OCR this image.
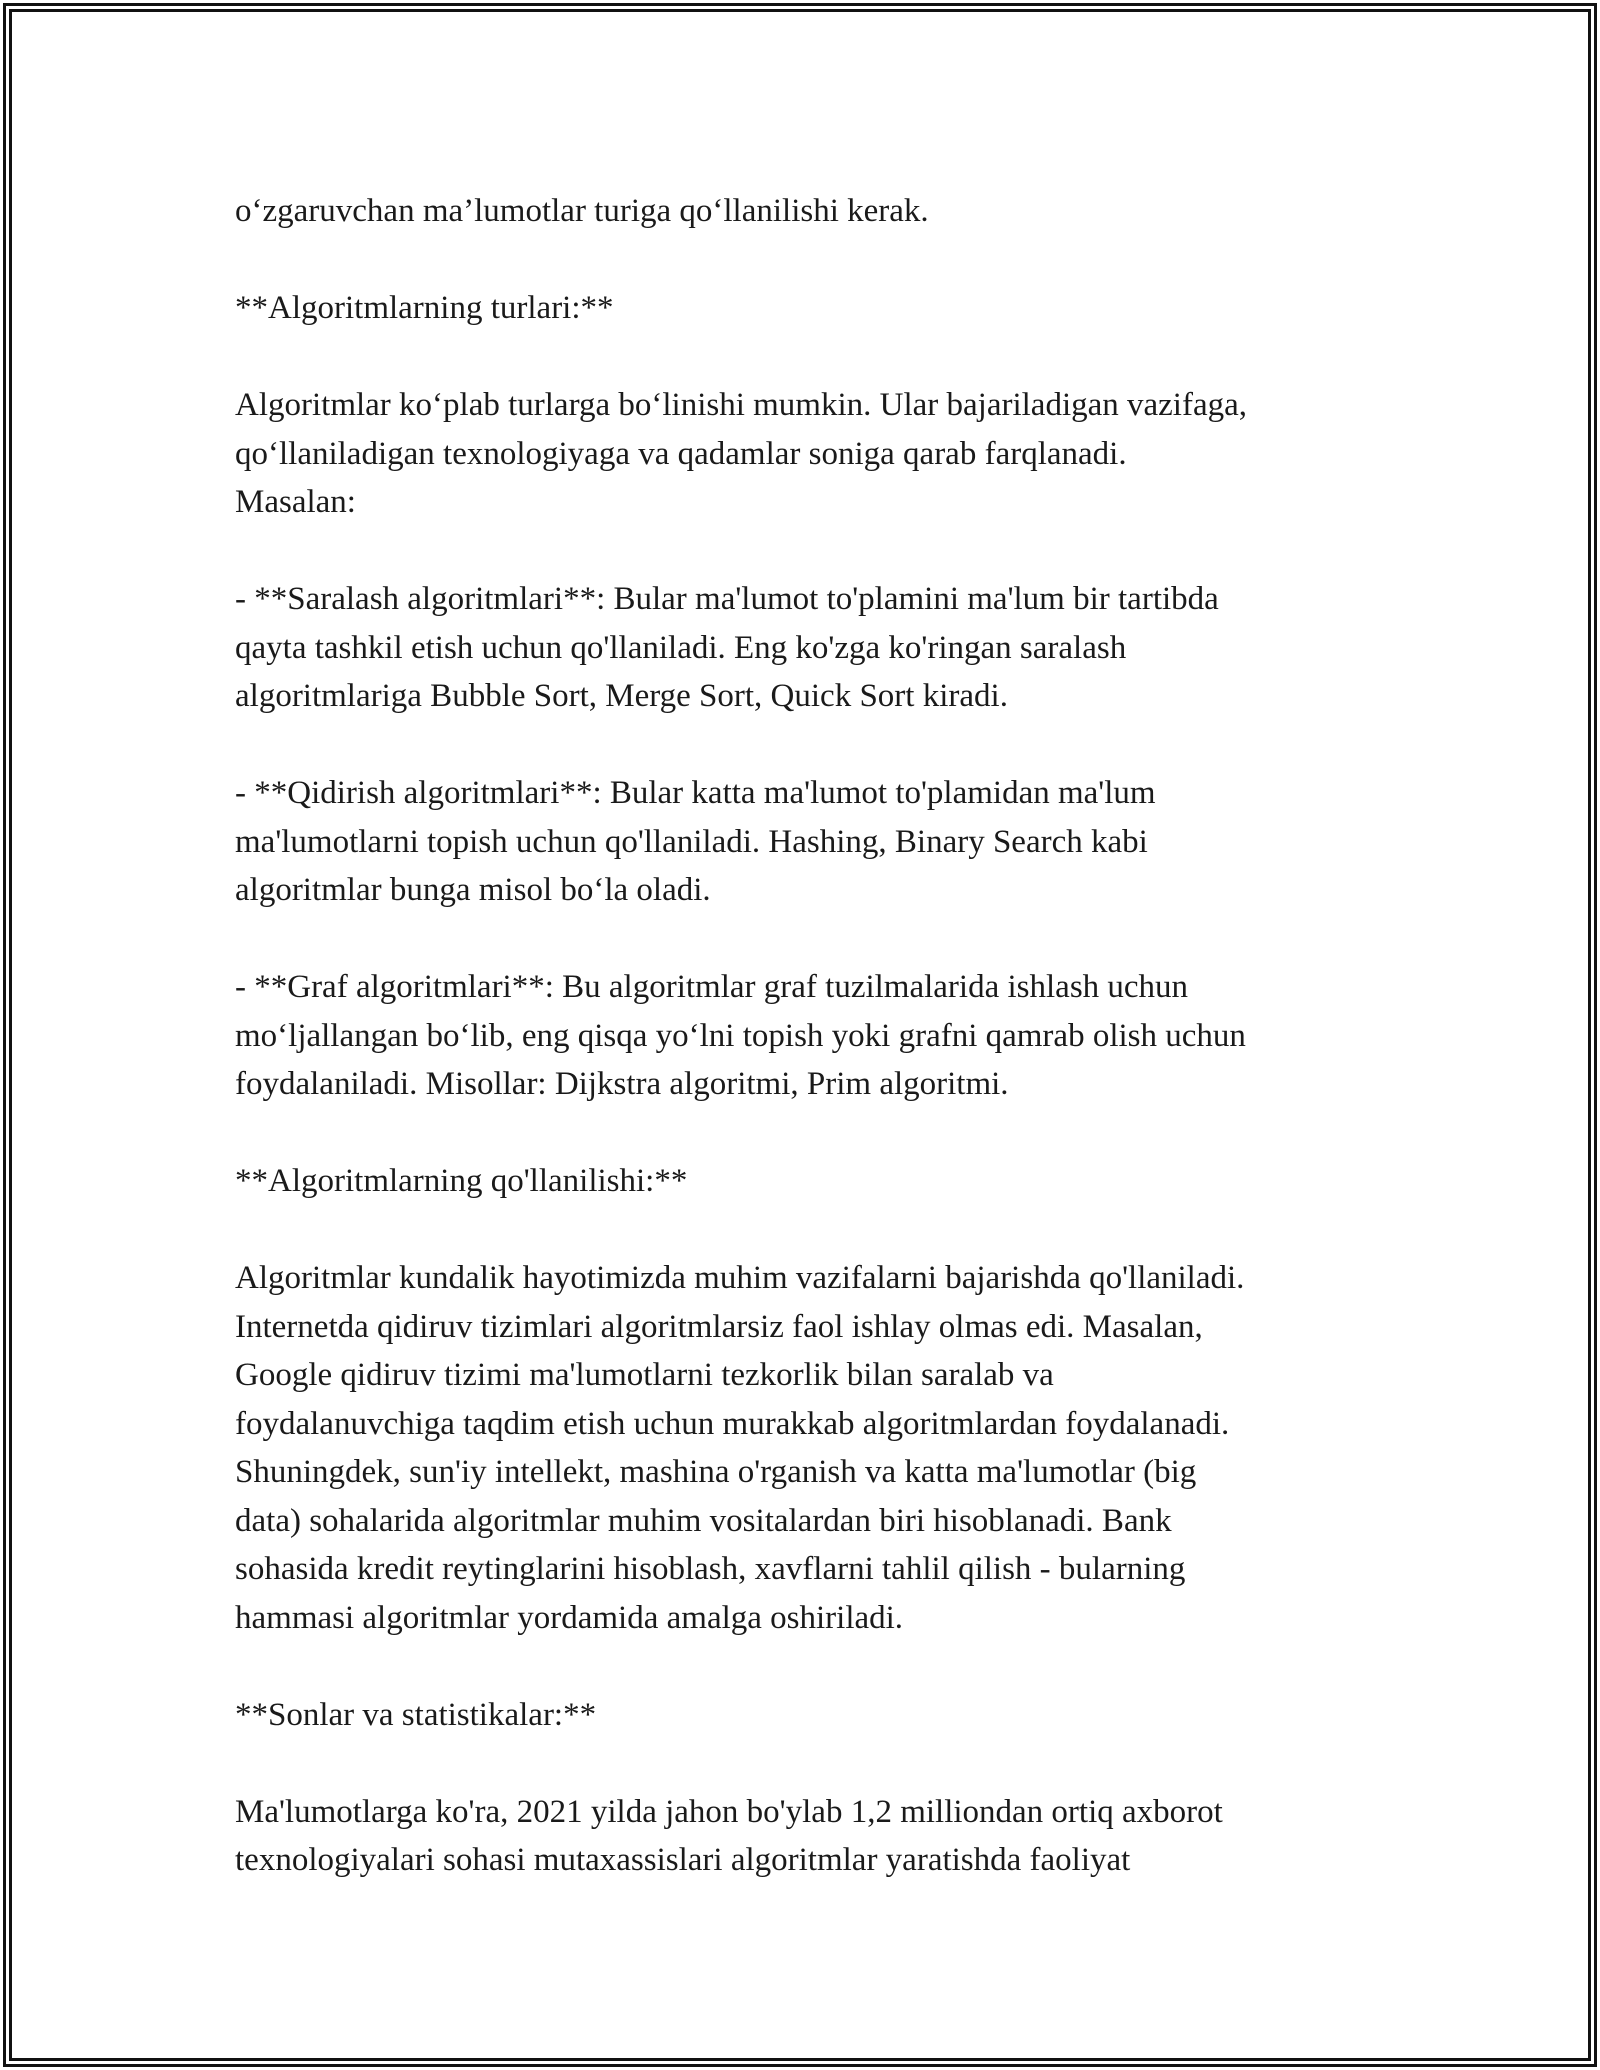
o‘zgaruvchan ma’lumotlar turiga qo‘llanilishi kerak.

**Algoritmlarning turlari:**

Algoritmlar ko‘plab turlarga bo‘linishi mumkin. Ular bajariladigan vazifaga,
qo‘llaniladigan texnologiyaga va qadamlar soniga qarab farqlanadi.
Masalan:

- **Saralash algoritmlari**: Bular ma'lumot to'plamini ma'lum bir tartibda
qayta tashkil etish uchun qo'llaniladi. Eng ko'zga ko'ringan saralash
algoritmlariga Bubble Sort, Merge Sort, Quick Sort kiradi.

- **Qidirish algoritmlari**: Bular katta ma'lumot to'plamidan ma'lum
ma'lumotlarni topish uchun qo'llaniladi. Hashing, Binary Search kabi
algoritmlar bunga misol bo‘la oladi.

- **Graf algoritmlari**: Bu algoritmlar graf tuzilmalarida ishlash uchun
mo‘ljallangan bo‘lib, eng qisqa yo‘lni topish yoki grafni qamrab olish uchun
foydalaniladi. Misollar: Dijkstra algoritmi, Prim algoritmi.

**Algoritmlarning qo'llanilishi:**

Algoritmlar kundalik hayotimizda muhim vazifalarni bajarishda qo'llaniladi.
Internetda qidiruv tizimlari algoritmlarsiz faol ishlay olmas edi. Masalan,
Google qidiruv tizimi ma'lumotlarni tezkorlik bilan saralab va
foydalanuvchiga taqdim etish uchun murakkab algoritmlardan foydalanadi.
Shuningdek, sun'iy intellekt, mashina o'rganish va katta ma'lumotlar (big
data) sohalarida algoritmlar muhim vositalardan biri hisoblanadi. Bank
sohasida kredit reytinglarini hisoblash, xavflarni tahlil qilish - bularning
hammasi algoritmlar yordamida amalga oshiriladi.

**Sonlar va statistikalar:**

Ma'lumotlarga ko'ra, 2021 yilda jahon bo'ylab 1,2 milliondan ortiq axborot
texnologiyalari sohasi mutaxassislari algoritmlar yaratishda faoliyat
